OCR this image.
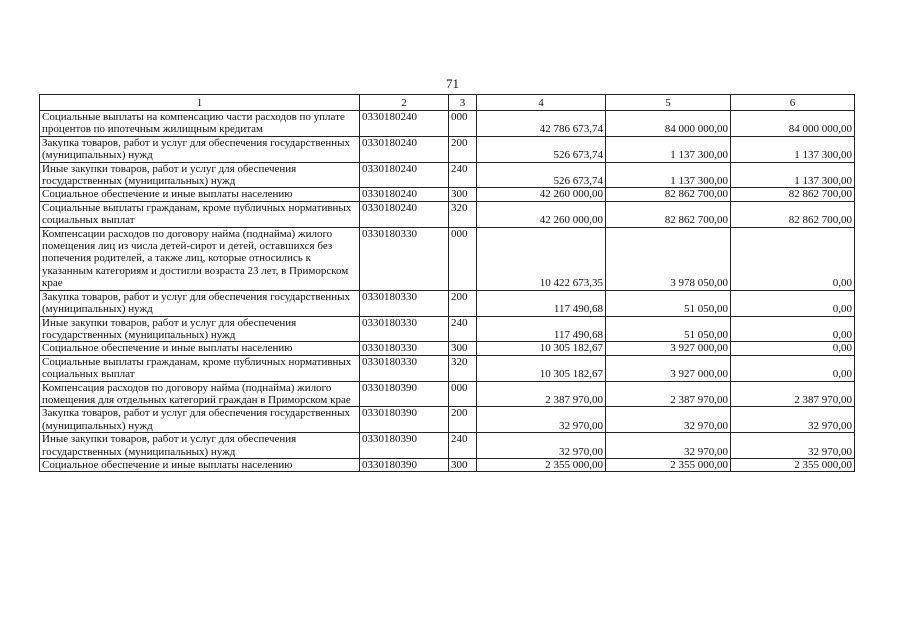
71
1	2	3	4	5	6
Социальные выплаты на компенсацию части расходов по уплате процентов по ипотечным жилищным кредитам	0330180240	000	42 786 673,74	84 000 000,00	84 000 000,00
Закупка товаров, работ и услуг для обеспечения государственных (муниципальных) нужд	0330180240	200	526 673,74	1 137 300,00	1 137 300,00
Иные закупки товаров, работ и услуг для обеспечения государственных (муниципальных) нужд	0330180240	240	526 673,74	1 137 300,00	1 137 300,00
Социальное обеспечение и иные выплаты населению	0330180240	300	42 260 000,00	82 862 700,00	82 862 700,00
Социальные выплаты гражданам, кроме публичных нормативных социальных выплат	0330180240	320	42 260 000,00	82 862 700,00	82 862 700,00
Компенсации расходов по договору найма (поднайма) жилого помещения лиц из числа детей-сирот и детей, оставшихся без попечения родителей, а также лиц, которые относились к указанным категориям и достигли возраста 23 лет, в Приморском крае	0330180330	000	10 422 673,35	3 978 050,00	0,00
Закупка товаров, работ и услуг для обеспечения государственных (муниципальных) нужд	0330180330	200	117 490,68	51 050,00	0,00
Иные закупки товаров, работ и услуг для обеспечения государственных (муниципальных) нужд	0330180330	240	117 490,68	51 050,00	0,00
Социальное обеспечение и иные выплаты населению	0330180330	300	10 305 182,67	3 927 000,00	0,00
Социальные выплаты гражданам, кроме публичных нормативных социальных выплат	0330180330	320	10 305 182,67	3 927 000,00	0,00
Компенсация расходов по договору найма (поднайма) жилого помещения для отдельных категорий граждан в Приморском крае	0330180390	000	2 387 970,00	2 387 970,00	2 387 970,00
Закупка товаров, работ и услуг для обеспечения государственных (муниципальных) нужд	0330180390	200	32 970,00	32 970,00	32 970,00
Иные закупки товаров, работ и услуг для обеспечения государственных (муниципальных) нужд	0330180390	240	32 970,00	32 970,00	32 970,00
Социальное обеспечение и иные выплаты населению	0330180390	300	2 355 000,00	2 355 000,00	2 355 000,00
